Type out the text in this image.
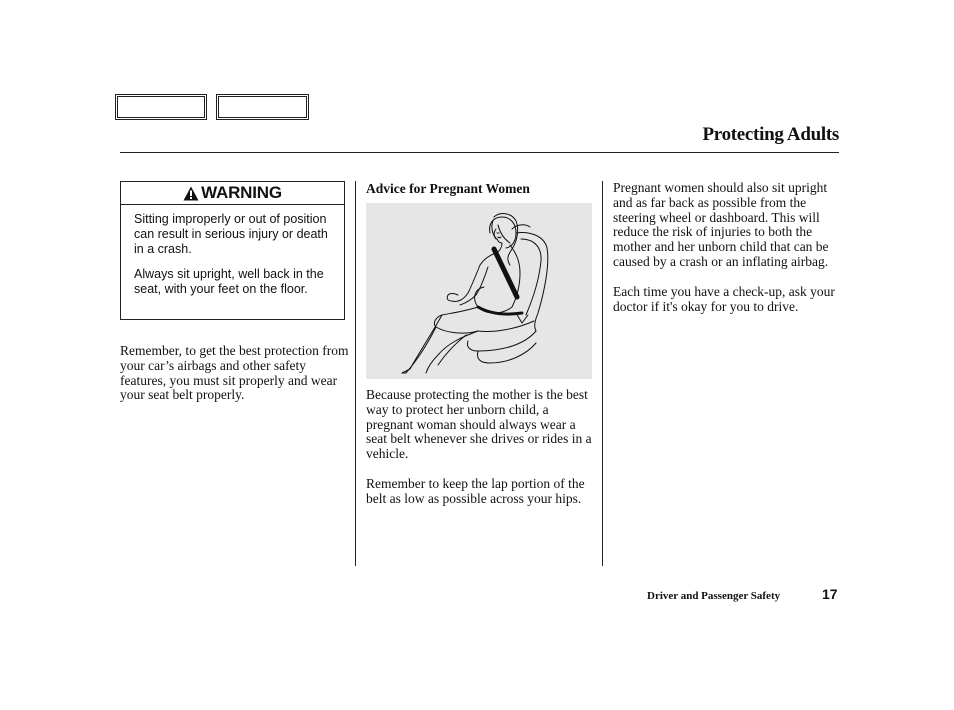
Protecting Adults
WARNING

Sitting improperly or out of position can result in serious injury or death in a crash.

Always sit upright, well back in the seat, with your feet on the floor.

Remember, to get the best protection from your car’s airbags and other safety features, you must sit properly and wear your seat belt properly.

Advice for Pregnant Women

Because protecting the mother is the best way to protect her unborn child, a pregnant woman should always wear a seat belt whenever she drives or rides in a vehicle.

Remember to keep the lap portion of the belt as low as possible across your hips.

Pregnant women should also sit upright and as far back as possible from the steering wheel or dashboard. This will reduce the risk of injuries to both the mother and her unborn child that can be caused by a crash or an inflating airbag.

Each time you have a check-up, ask your doctor if it's okay for you to drive.

Driver and Passenger Safety	17
